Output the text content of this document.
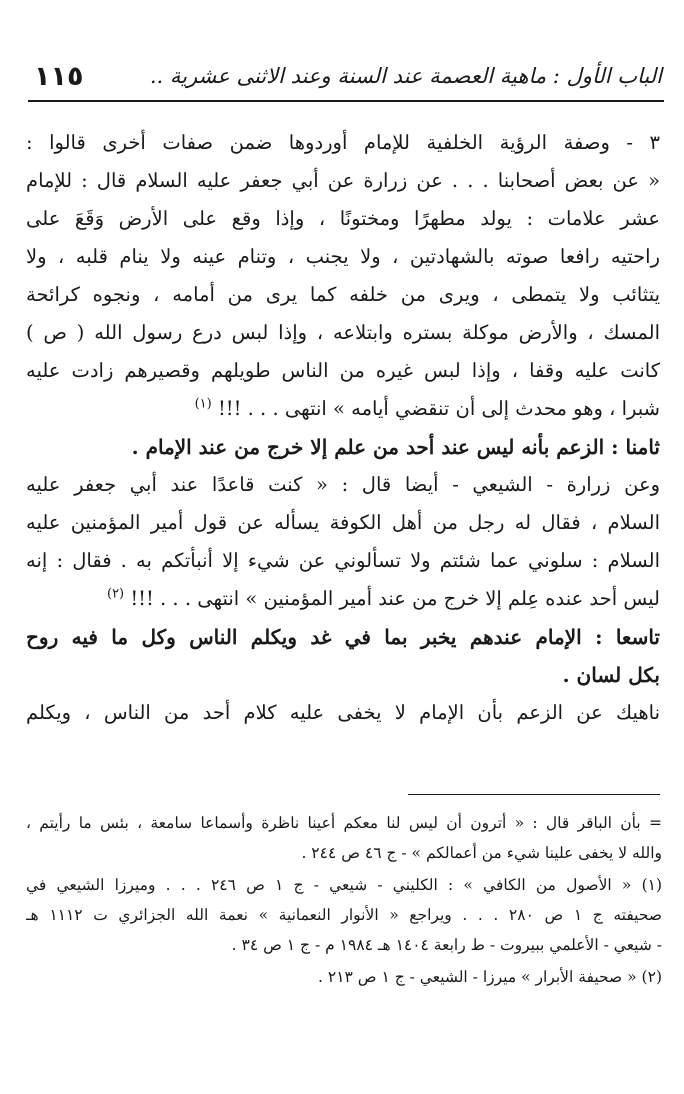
الباب الأول : ماهية العصمة عند السنة وعند الاثنى عشرية ..
١١٥
٣ - وصفة الرؤية الخلفية للإمام أوردوها ضمن صفات أخرى قالوا :
« عن بعض أصحابنا . . . عن زرارة عن أبي جعفر عليه السلام قال : للإمام
عشر علامات : يولد مطهرًا ومختونًا ، وإذا وقع على الأرض وَقَعَ على
راحتيه رافعا صوته بالشهادتين ، ولا يجنب ، وتنام عينه ولا ينام قلبه ، ولا
يتثائب ولا يتمطى ، ويرى من خلفه كما يرى من أمامه ، ونجوه كرائحة
المسك ، والأرض موكلة بستره وابتلاعه ، وإذا لبس درع رسول الله ( ص )
كانت عليه وقفا ، وإذا لبس غيره من الناس طويلهم وقصيرهم زادت عليه
شبرا ، وهو محدث إلى أن تنقضي أيامه » انتهى . . . !!! $^{(١)}$
ثامنا : الزعم بأنه ليس عند أحد من علم إلا خرج من عند الإمام .
وعن زرارة - الشيعي - أيضا قال : « كنت قاعدًا عند أبي جعفر عليه
السلام ، فقال له رجل من أهل الكوفة يسأله عن قول أمير المؤمنين عليه
السلام : سلوني عما شئتم ولا تسألوني عن شيء إلا أنبأتكم به . فقال : إنه
ليس أحد عنده عِلم إلا خرج من عند أمير المؤمنين » انتهى . . . !!! $^{(٢)}$
تاسعا : الإمام عندهم يخبر بما في غد ويكلم الناس وكل ما فيه روح
بكل لسان .
ناهيك عن الزعم بأن الإمام لا يخفى عليه كلام أحد من الناس ، ويكلم
= بأن الباقر قال : « أترون أن ليس لنا معكم أعينا ناظرة وأسماعا سامعة ، بئس ما رأيتم ،
والله لا يخفى علينا شيء من أعمالكم » - ج ٤٦ ص ٢٤٤ .
(١) « الأصول من الكافي » : الكليني - شيعي - ج ١ ص ٢٤٦ . . . وميرزا الشيعي في
صحيفته ج ١ ص ٢٨٠ . . . ويراجع « الأنوار النعمانية » نعمة الله الجزائري ت ١١١٢ هـ
- شيعي - الأعلمي ببيروت - ط رابعة ١٤٠٤ هـ ١٩٨٤ م - ج ١ ص ٣٤ .
(٢) « صحيفة الأبرار » ميرزا - الشيعي - ج ١ ص ٢١٣ .
